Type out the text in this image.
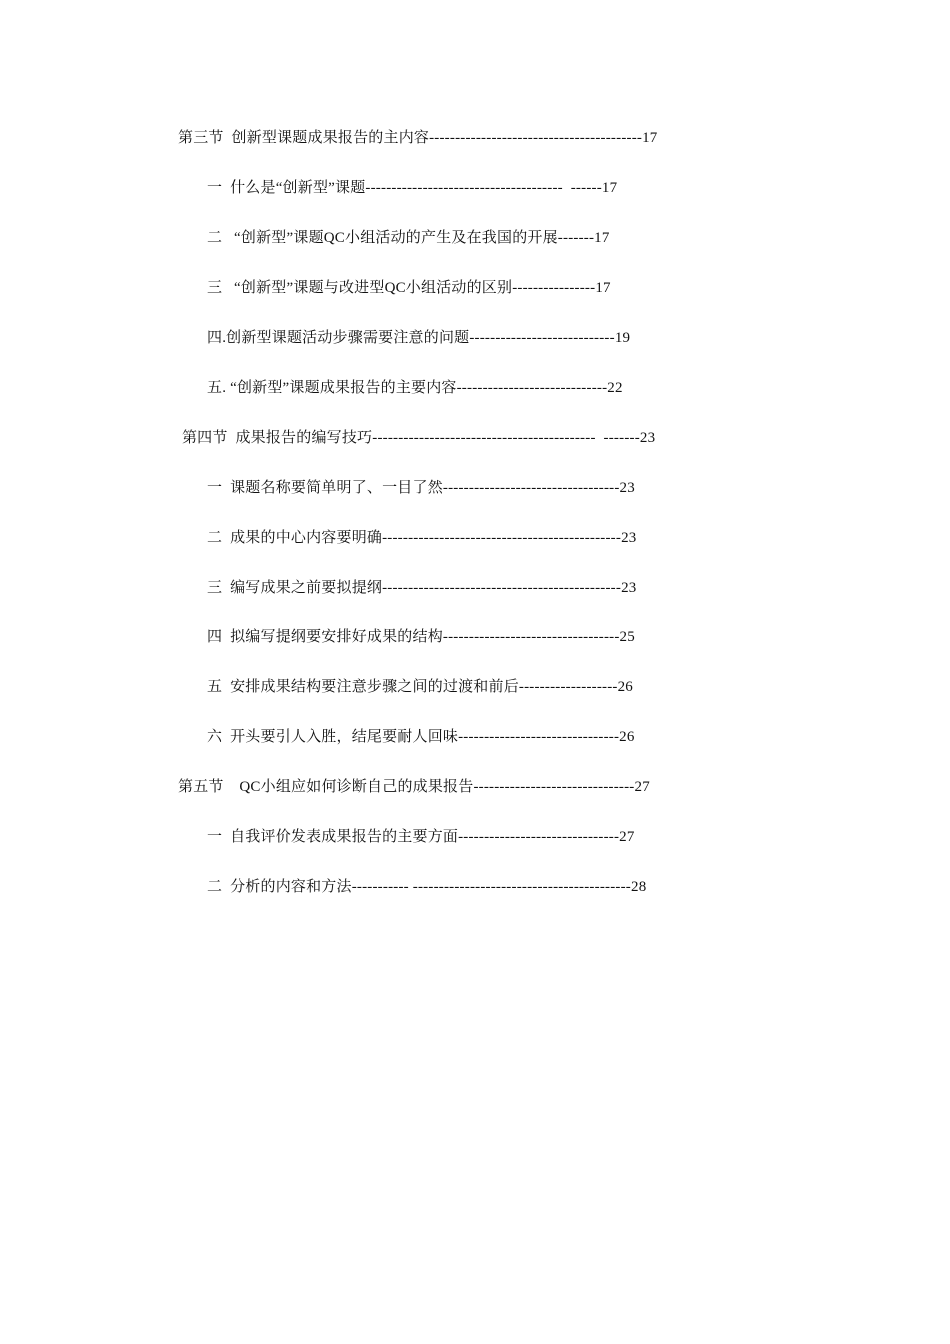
第三节  创新型课题成果报告的主内容-----------------------------------------17
一  什么是“创新型”课题--------------------------------------  ------17
二   “创新型”课题QC小组活动的产生及在我国的开展-------17
三   “创新型”课题与改进型QC小组活动的区别----------------17
四.创新型课题活动步骤需要注意的问题----------------------------19
五. “创新型”课题成果报告的主要内容-----------------------------22
第四节  成果报告的编写技巧-------------------------------------------  -------23
一  课题名称要简单明了、一目了然----------------------------------23
二  成果的中心内容要明确----------------------------------------------23
三  编写成果之前要拟提纲----------------------------------------------23
四  拟编写提纲要安排好成果的结构----------------------------------25
五  安排成果结构要注意步骤之间的过渡和前后-------------------26
六  开头要引人入胜，结尾要耐人回味-------------------------------26
第五节    QC小组应如何诊断自己的成果报告-------------------------------27
一  自我评价发表成果报告的主要方面-------------------------------27
二  分析的内容和方法----------- ------------------------------------------28
